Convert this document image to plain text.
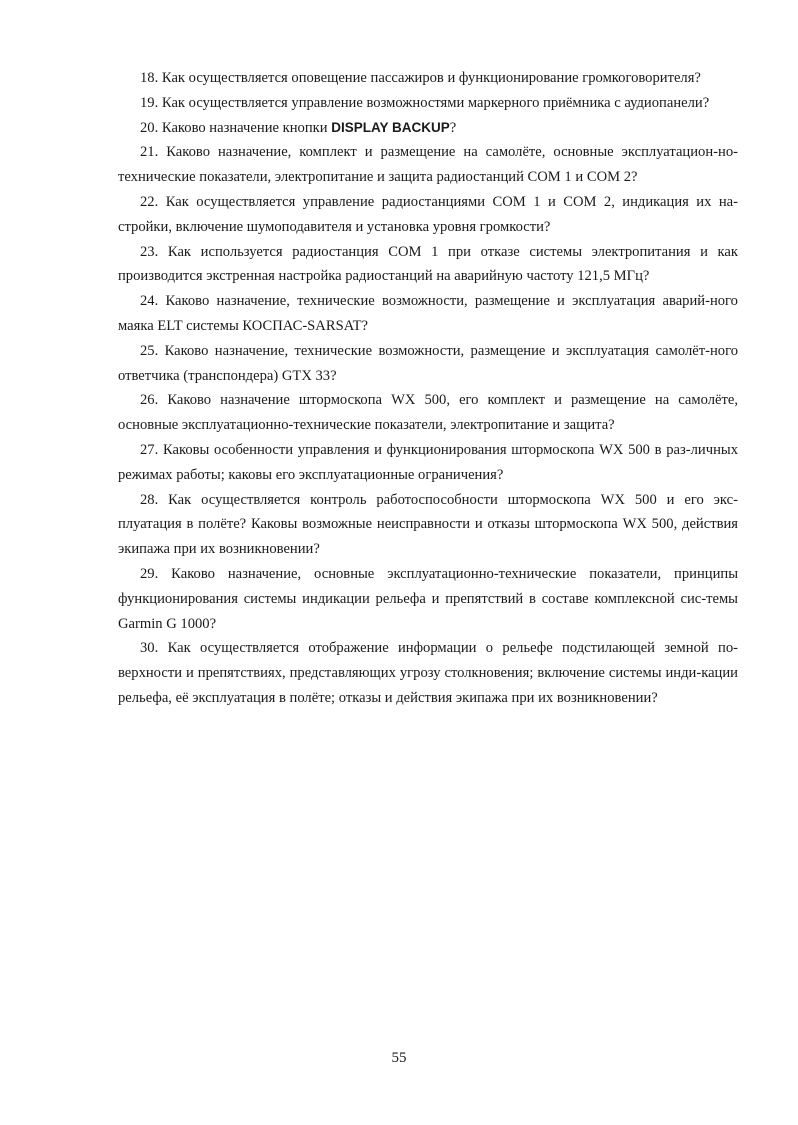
18. Как осуществляется оповещение пассажиров и функционирование громкоговорителя?

19. Как осуществляется управление возможностями маркерного приёмника с аудиопанели?

20. Каково назначение кнопки DISPLAY BACKUP?

21. Каково назначение, комплект и размещение на самолёте, основные эксплуатацион-но-технические показатели, электропитание и защита радиостанций COM 1 и COM 2?

22. Как осуществляется управление радиостанциями COM 1 и COM 2, индикация их на-стройки, включение шумоподавителя и установка уровня громкости?

23. Как используется радиостанция COM 1 при отказе системы электропитания и как производится экстренная настройка радиостанций на аварийную частоту 121,5 МГц?

24. Каково назначение, технические возможности, размещение и эксплуатация аварий-ного маяка ELT системы КОСПАС-SARSAT?

25. Каково назначение, технические возможности, размещение и эксплуатация самолёт-ного ответчика (транспондера) GTX 33?

26. Каково назначение штормоскопа WX 500, его комплект и размещение на самолёте, основные эксплуатационно-технические показатели, электропитание и защита?

27. Каковы особенности управления и функционирования штормоскопа WX 500 в раз-личных режимах работы; каковы его эксплуатационные ограничения?

28. Как осуществляется контроль работоспособности штормоскопа WX 500 и его экс-плуатация в полёте? Каковы возможные неисправности и отказы штормоскопа WX 500, действия экипажа при их возникновении?

29. Каково назначение, основные эксплуатационно-технические показатели, принципы функционирования системы индикации рельефа и препятствий в составе комплексной сис-темы Garmin G 1000?

30. Как осуществляется отображение информации о рельефе подстилающей земной по-верхности и препятствиях, представляющих угрозу столкновения; включение системы инди-кации рельефа, её эксплуатация в полёте; отказы и действия экипажа при их возникновении?

55
